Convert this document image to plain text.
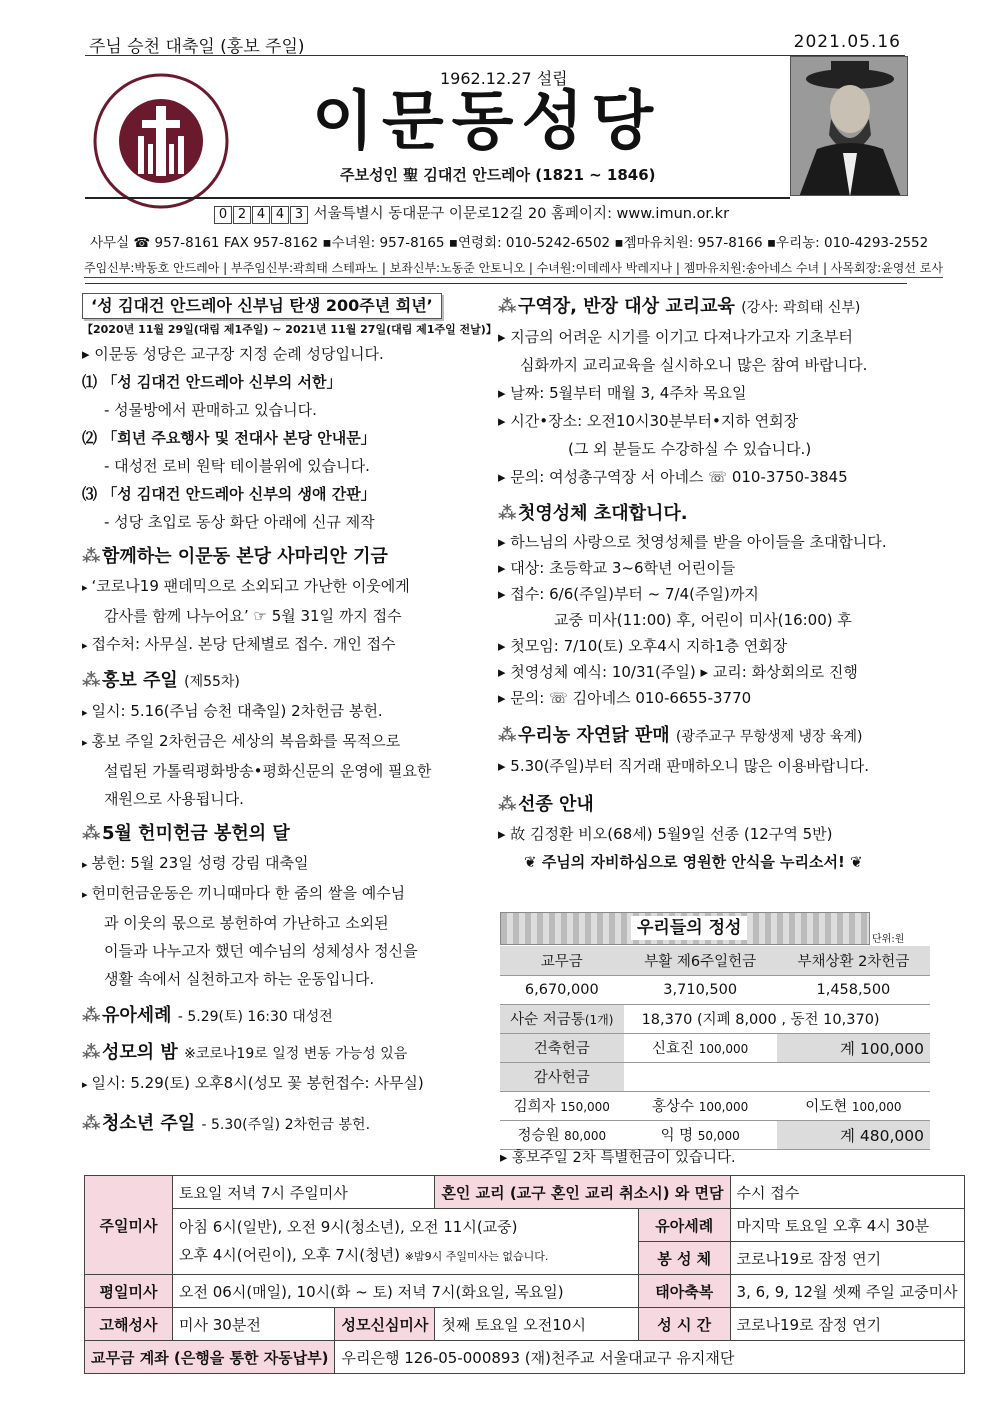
주님 승천 대축일 (홍보 주일)	2021.05.16
1962.12.27 설립
이문동성당
주보성인 聖 김대건 안드레아 (1821 ~ 1846)
0 2 4 4 3 서울특별시 동대문구 이문로12길 20 홈페이지: www.imun.or.kr
사무실 ☎ 957-8161 FAX 957-8162 ▪수녀원: 957-8165 ▪연령회: 010-5242-6502 ▪젬마유치원: 957-8166 ▪우리농: 010-4293-2552
주임신부:박동호 안드레아 | 부주임신부:곽희태 스테파노 | 보좌신부:노동준 안토니오 | 수녀원:이데레사 박레지나 | 젬마유치원:송아네스 수녀 | 사목회장:윤영선 로사
‘성 김대건 안드레아 신부님 탄생 200주년 희년’
【2020년 11월 29일(대림 제1주일) ~ 2021년 11월 27일(대림 제1주일 전날)】

▸ 이문동 성당은 교구장 지정 순례 성당입니다.

⑴ 「성 김대건 안드레아 신부의 서한」

- 성물방에서 판매하고 있습니다.

⑵ 「희년 주요행사 및 전대사 본당 안내문」

- 대성전 로비 원탁 테이블위에 있습니다.

⑶ 「성 김대건 안드레아 신부의 생애 간판」

- 성당 초입로 동상 화단 아래에 신규 제작

⁂함께하는 이문동 본당 사마리안 기금

▸ ‘코로나19 팬데믹으로 소외되고 가난한 이웃에게

감사를 함께 나누어요’ ☞ 5월 31일 까지 접수

▸ 접수처: 사무실. 본당 단체별로 접수. 개인 접수

⁂홍보 주일 (제55차)

▸ 일시: 5.16(주님 승천 대축일) 2차헌금 봉헌.

▸ 홍보 주일 2차헌금은 세상의 복음화를 목적으로

설립된 가톨릭평화방송•평화신문의 운영에 필요한

재원으로 사용됩니다.

⁂5월 헌미헌금 봉헌의 달

▸ 봉헌: 5월 23일 성령 강림 대축일

▸ 헌미헌금운동은 끼니때마다 한 줌의 쌀을 예수님

과 이웃의 몫으로 봉헌하여 가난하고 소외된

이들과 나누고자 했던 예수님의 성체성사 정신을

생활 속에서 실천하고자 하는 운동입니다.

⁂유아세례 - 5.29(토) 16:30 대성전
⁂성모의 밤 ※코로나19로 일정 변동 가능성 있음

▸ 일시: 5.29(토) 오후8시(성모 꽃 봉헌접수: 사무실)

⁂청소년 주일 - 5.30(주일) 2차헌금 봉헌.
⁂구역장, 반장 대상 교리교육 (강사: 곽희태 신부)

▸ 지금의 어려운 시기를 이기고 다져나가고자 기초부터

심화까지 교리교육을 실시하오니 많은 참여 바랍니다.

▸ 날짜: 5월부터 매월 3, 4주차 목요일

▸ 시간•장소: 오전10시30분부터•지하 연회장

(그 외 분들도 수강하실 수 있습니다.)

▸ 문의: 여성총구역장 서 아네스 ☏ 010-3750-3845

⁂첫영성체 초대합니다.

▸ 하느님의 사랑으로 첫영성체를 받을 아이들을 초대합니다.

▸ 대상: 초등학교 3~6학년 어린이들

▸ 접수: 6/6(주일)부터 ~ 7/4(주일)까지

교중 미사(11:00) 후, 어린이 미사(16:00) 후

▸ 첫모임: 7/10(토) 오후4시 지하1층 연회장

▸ 첫영성체 예식: 10/31(주일) ▸ 교리: 화상회의로 진행

▸ 문의: ☏ 김아네스 010-6655-3770

⁂우리농 자연닭 판매 (광주교구 무항생제 냉장 육계)

▸ 5.30(주일)부터 직거래 판매하오니 많은 이용바랍니다.

⁂선종 안내

▸ 故 김정환 비오(68세) 5월9일 선종 (12구역 5반)

❦ 주님의 자비하심으로 영원한 안식을 누리소서! ❦

우리들의 정성
단위:원
교무금	부활 제6주일헌금	부채상환 2차헌금
6,670,000	3,710,500	1,458,500
사순 저금통(1개)	18,370 (지폐 8,000 , 동전 10,370)	
건축헌금	신효진 100,000	계 100,000
감사헌금		
김희자 150,000	홍상수 100,000	이도현 100,000
정승원 80,000	익 명 50,000	계 480,000
▸ 홍보주일 2차 특별헌금이 있습니다.
주일미사	토요일 저녁 7시 주일미사		혼인 교리 (교구 혼인 교리 취소시) 와 면담		수시 접수

	아침 6시(일반), 오전 9시(청소년), 오전 11시(교중)
오후 4시(어린이), 오후 7시(청년) ※밤9시 주일미사는 없습니다.			유아세례	마지막 토요일 오후 4시 30분
				봉 성 체	코로나19로 잠정 연기
평일미사	오전 06시(매일), 10시(화 ~ 토) 저녁 7시(화요일, 목요일)			태아축복	3, 6, 9, 12월 셋째 주일 교중미사
고해성사	미사 30분전	성모신심미사	첫째 토요일 오전10시	성 시 간	코로나19로 잠정 연기
교무금 계좌 (은행을 통한 자동납부)		우리은행 126-05-000893 (재)천주교 서울대교구 유지재단			
